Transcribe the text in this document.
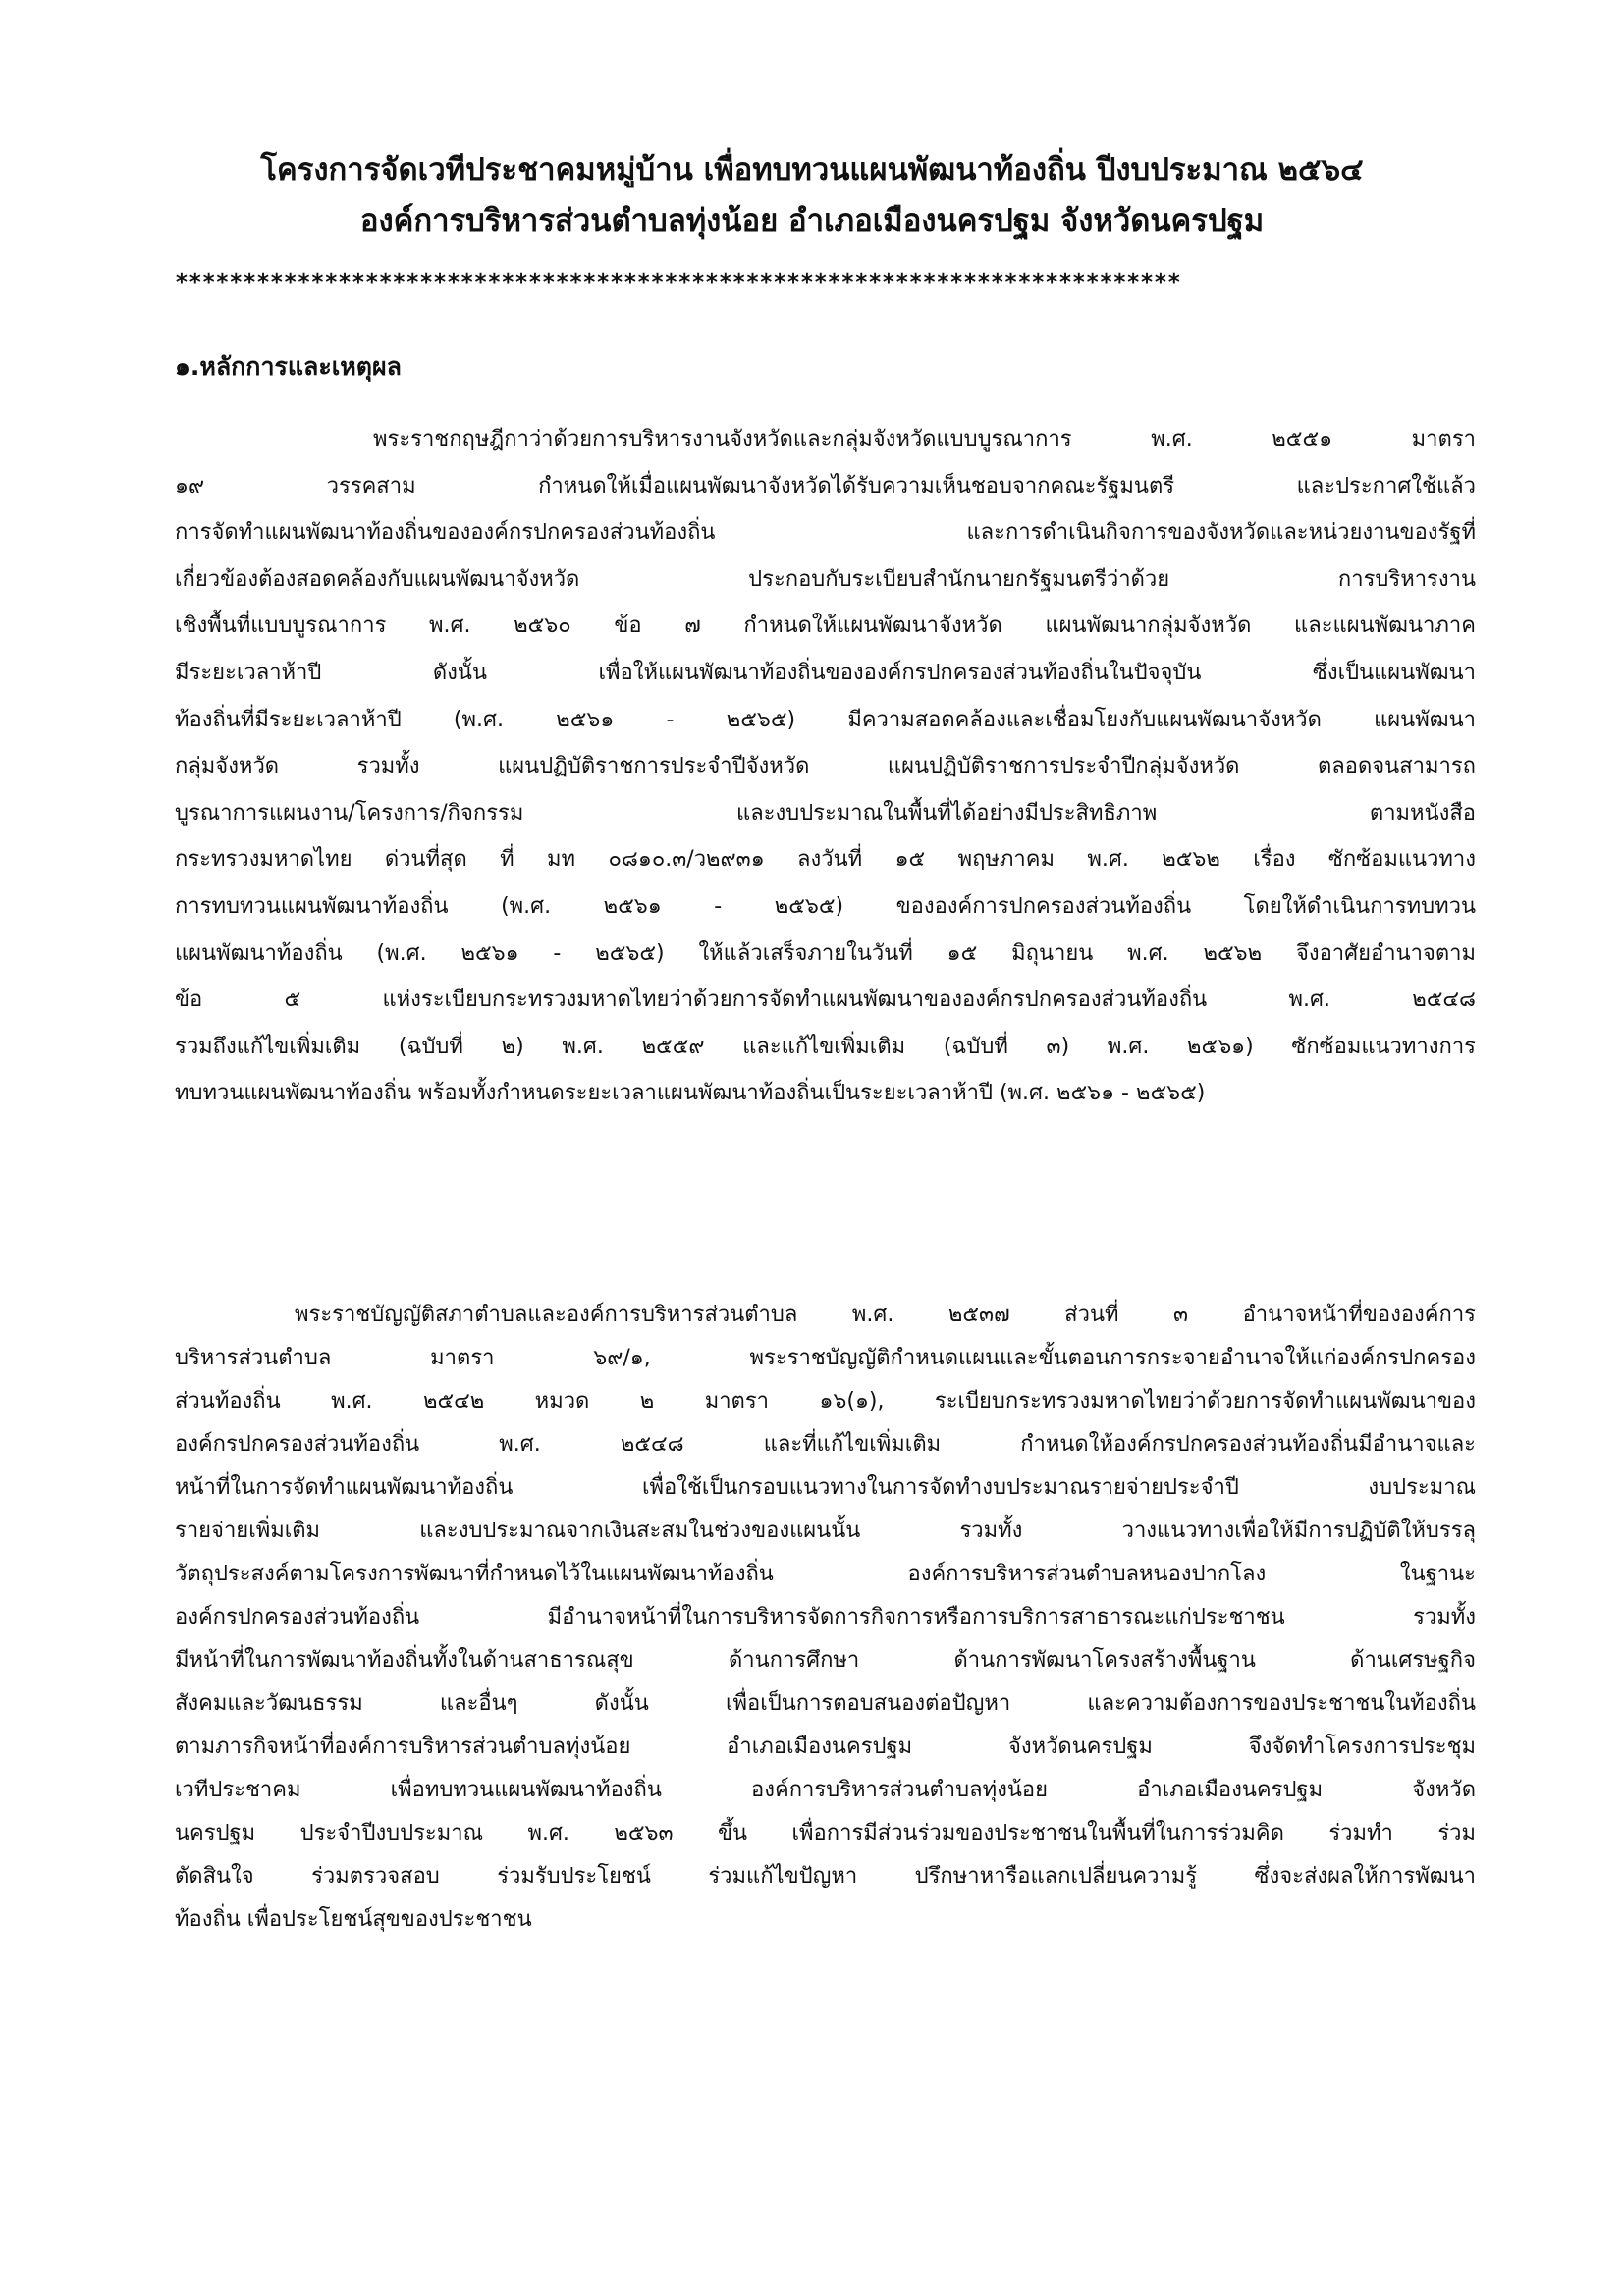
โครงการจัดเวทีประชาคมหมู่บ้าน เพื่อทบทวนแผนพัฒนาท้องถิ่น ปีงบประมาณ ๒๕๖๔
องค์การบริหารส่วนตำบลทุ่งน้อย อำเภอเมืองนครปฐม จังหวัดนครปฐม
**************************************************************************
๑.หลักการและเหตุผล
พระราชกฤษฎีกาว่าด้วยการบริหารงานจังหวัดและกลุ่มจังหวัดแบบบูรณาการ พ.ศ. ๒๕๕๑ มาตรา
๑๙ วรรคสาม กำหนดให้เมื่อแผนพัฒนาจังหวัดได้รับความเห็นชอบจากคณะรัฐมนตรี และประกาศใช้แล้ว
การจัดทำแผนพัฒนาท้องถิ่นขององค์กรปกครองส่วนท้องถิ่น และการดำเนินกิจการของจังหวัดและหน่วยงานของรัฐที่
เกี่ยวข้องต้องสอดคล้องกับแผนพัฒนาจังหวัด ประกอบกับระเบียบสำนักนายกรัฐมนตรีว่าด้วย การบริหารงาน
เชิงพื้นที่แบบบูรณาการ พ.ศ. ๒๕๖๐ ข้อ ๗ กำหนดให้แผนพัฒนาจังหวัด แผนพัฒนากลุ่มจังหวัด และแผนพัฒนาภาค
มีระยะเวลาห้าปี ดังนั้น เพื่อให้แผนพัฒนาท้องถิ่นขององค์กรปกครองส่วนท้องถิ่นในปัจจุบัน ซึ่งเป็นแผนพัฒนา
ท้องถิ่นที่มีระยะเวลาห้าปี (พ.ศ. ๒๕๖๑ - ๒๕๖๕) มีความสอดคล้องและเชื่อมโยงกับแผนพัฒนาจังหวัด แผนพัฒนา
กลุ่มจังหวัด รวมทั้ง แผนปฏิบัติราชการประจำปีจังหวัด แผนปฏิบัติราชการประจำปีกลุ่มจังหวัด ตลอดจนสามารถ
บูรณาการแผนงาน/โครงการ/กิจกรรม และงบประมาณในพื้นที่ได้อย่างมีประสิทธิภาพ ตามหนังสือ
กระทรวงมหาดไทย ด่วนที่สุด ที่ มท ๐๘๑๐.๓/ว๒๙๓๑ ลงวันที่ ๑๕ พฤษภาคม พ.ศ. ๒๕๖๒ เรื่อง ซักซ้อมแนวทาง
การทบทวนแผนพัฒนาท้องถิ่น (พ.ศ. ๒๕๖๑ - ๒๕๖๕) ขององค์การปกครองส่วนท้องถิ่น โดยให้ดำเนินการทบทวน
แผนพัฒนาท้องถิ่น (พ.ศ. ๒๕๖๑ - ๒๕๖๕) ให้แล้วเสร็จภายในวันที่ ๑๕ มิถุนายน พ.ศ. ๒๕๖๒ จึงอาศัยอำนาจตาม
ข้อ ๕ แห่งระเบียบกระทรวงมหาดไทยว่าด้วยการจัดทำแผนพัฒนาขององค์กรปกครองส่วนท้องถิ่น พ.ศ. ๒๕๔๘
รวมถึงแก้ไขเพิ่มเติม (ฉบับที่ ๒) พ.ศ. ๒๕๕๙ และแก้ไขเพิ่มเติม (ฉบับที่ ๓) พ.ศ. ๒๕๖๑) ซักซ้อมแนวทางการ
ทบทวนแผนพัฒนาท้องถิ่น พร้อมทั้งกำหนดระยะเวลาแผนพัฒนาท้องถิ่นเป็นระยะเวลาห้าปี (พ.ศ. ๒๕๖๑ - ๒๕๖๕)
พระราชบัญญัติสภาตำบลและองค์การบริหารส่วนตำบล พ.ศ. ๒๕๓๗ ส่วนที่ ๓ อำนาจหน้าที่ขององค์การ
บริหารส่วนตำบล มาตรา ๖๙/๑, พระราชบัญญัติกำหนดแผนและขั้นตอนการกระจายอำนาจให้แก่องค์กรปกครอง
ส่วนท้องถิ่น พ.ศ. ๒๕๔๒ หมวด ๒ มาตรา ๑๖(๑), ระเบียบกระทรวงมหาดไทยว่าด้วยการจัดทำแผนพัฒนาของ
องค์กรปกครองส่วนท้องถิ่น พ.ศ. ๒๕๔๘ และที่แก้ไขเพิ่มเติม กำหนดให้องค์กรปกครองส่วนท้องถิ่นมีอำนาจและ
หน้าที่ในการจัดทำแผนพัฒนาท้องถิ่น เพื่อใช้เป็นกรอบแนวทางในการจัดทำงบประมาณรายจ่ายประจำปี งบประมาณ
รายจ่ายเพิ่มเติม และงบประมาณจากเงินสะสมในช่วงของแผนนั้น รวมทั้ง วางแนวทางเพื่อให้มีการปฏิบัติให้บรรลุ
วัตถุประสงค์ตามโครงการพัฒนาที่กำหนดไว้ในแผนพัฒนาท้องถิ่น องค์การบริหารส่วนตำบลหนองปากโลง ในฐานะ
องค์กรปกครองส่วนท้องถิ่น มีอำนาจหน้าที่ในการบริหารจัดการกิจการหรือการบริการสาธารณะแก่ประชาชน รวมทั้ง
มีหน้าที่ในการพัฒนาท้องถิ่นทั้งในด้านสาธารณสุข ด้านการศึกษา ด้านการพัฒนาโครงสร้างพื้นฐาน ด้านเศรษฐกิจ
สังคมและวัฒนธรรม และอื่นๆ ดังนั้น เพื่อเป็นการตอบสนองต่อปัญหา และความต้องการของประชาชนในท้องถิ่น
ตามภารกิจหน้าที่องค์การบริหารส่วนตำบลทุ่งน้อย อำเภอเมืองนครปฐม จังหวัดนครปฐม จึงจัดทำโครงการประชุม
เวทีประชาคม เพื่อทบทวนแผนพัฒนาท้องถิ่น องค์การบริหารส่วนตำบลทุ่งน้อย อำเภอเมืองนครปฐม จังหวัด
นครปฐม ประจำปีงบประมาณ พ.ศ. ๒๕๖๓ ขึ้น เพื่อการมีส่วนร่วมของประชาชนในพื้นที่ในการร่วมคิด ร่วมทำ ร่วม
ตัดสินใจ ร่วมตรวจสอบ ร่วมรับประโยชน์ ร่วมแก้ไขปัญหา ปรึกษาหารือแลกเปลี่ยนความรู้ ซึ่งจะส่งผลให้การพัฒนา
ท้องถิ่น เพื่อประโยชน์สุขของประชาชน
